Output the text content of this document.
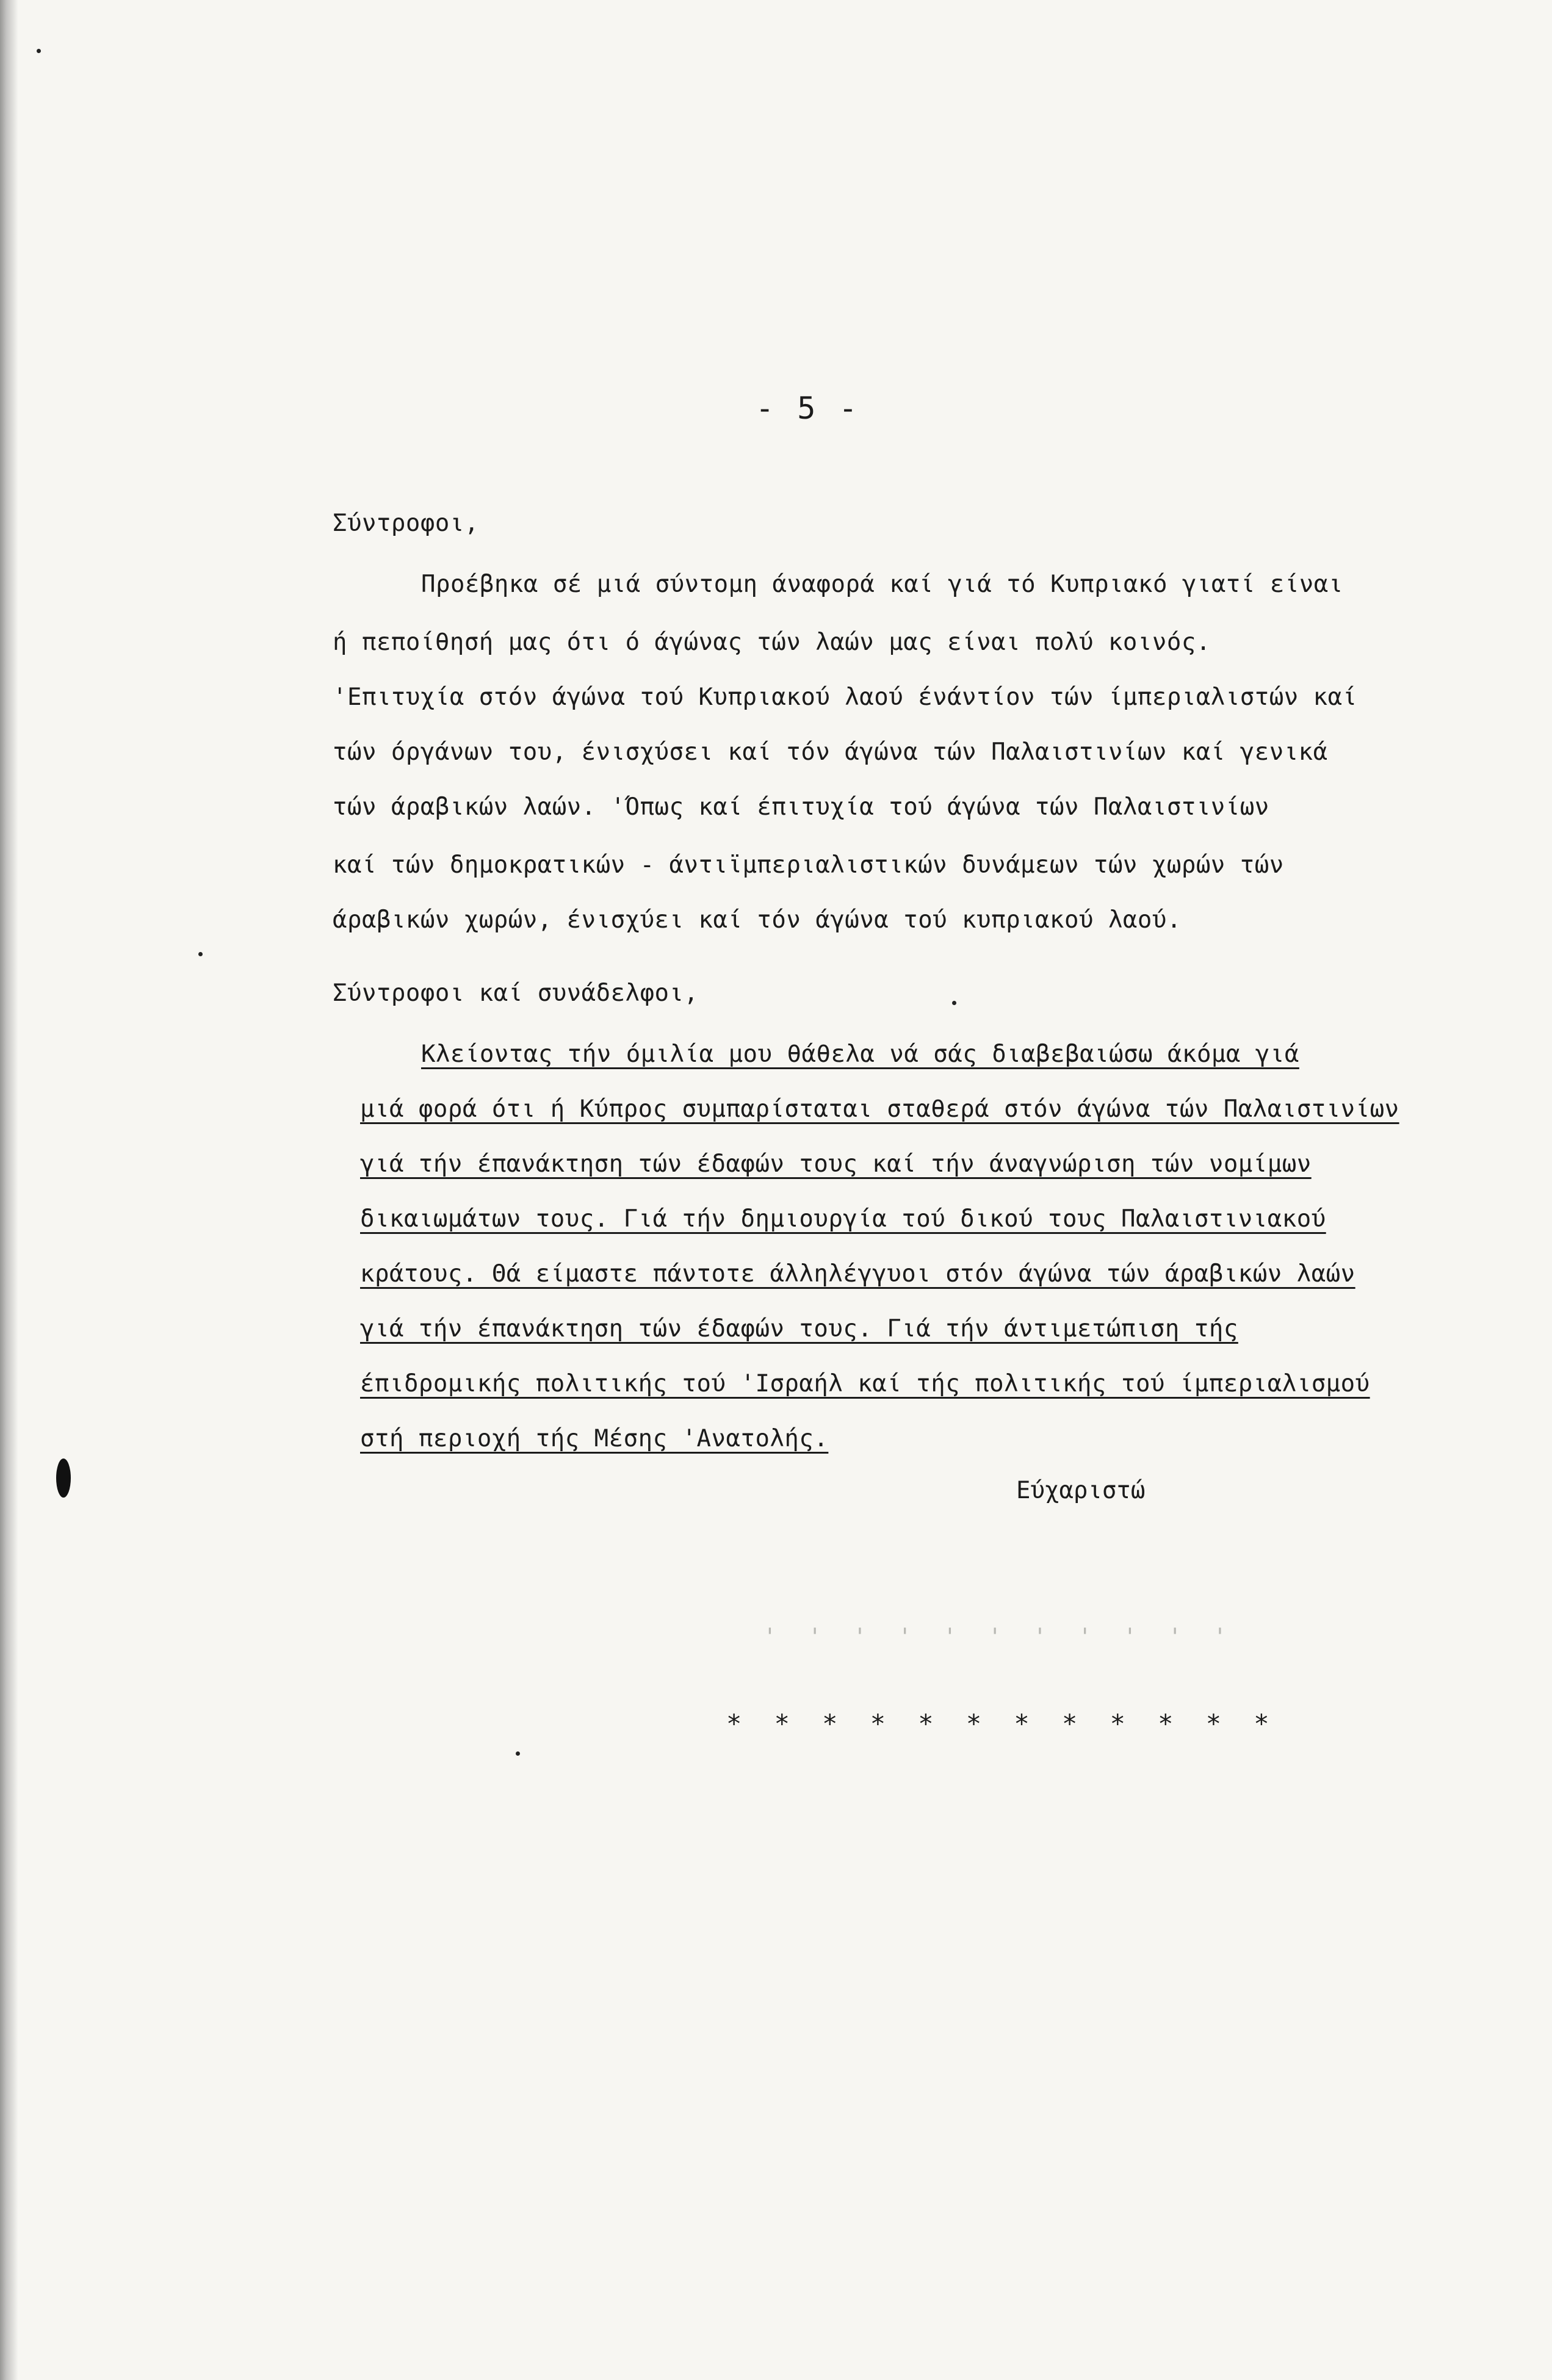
- 5 -
Σύντροφοι,
Προέβηκα σέ μιά σύντομη άναφορά καί γιά τό Κυπριακό γιατί είναι
ή πεποίθησή μας ότι ό άγώνας τών λαών μας είναι πολύ κοινός.
'Επιτυχία στόν άγώνα τού Κυπριακού λαού ένάντίον τών ίμπεριαλιστών καί
τών όργάνων του, ένισχύσει καί τόν άγώνα τών Παλαιστινίων καί γενικά
τών άραβικών λαών. 'Όπως καί έπιτυχία τού άγώνα τών Παλαιστινίων
καί τών δημοκρατικών - άντιϊμπεριαλιστικών δυνάμεων τών χωρών τών
άραβικών χωρών, ένισχύει καί τόν άγώνα τού κυπριακού λαού.
Σύντροφοι καί συνάδελφοι,
Κλείοντας τήν όμιλία μου θάθελα νά σάς διαβεβαιώσω άκόμα γιά
μιά φορά ότι ή Κύπρος συμπαρίσταται σταθερά στόν άγώνα τών Παλαιστινίων
γιά τήν έπανάκτηση τών έδαφών τους καί τήν άναγνώριση τών νομίμων
δικαιωμάτων τους. Γιά τήν δημιουργία τού δικού τους Παλαιστινιακού
κράτους. Θά είμαστε πάντοτε άλληλέγγυοι στόν άγώνα τών άραβικών λαών
γιά τήν έπανάκτηση τών έδαφών τους. Γιά τήν άντιμετώπιση τής
έπιδρομικής πολιτικής τού 'Ισραήλ καί τής πολιτικής τού ίμπεριαλισμού
στή περιοχή τής Μέσης 'Ανατολής.
Εύχαριστώ
' ' ' ' ' ' ' ' ' ' '
* * * * * * * * * * * *
